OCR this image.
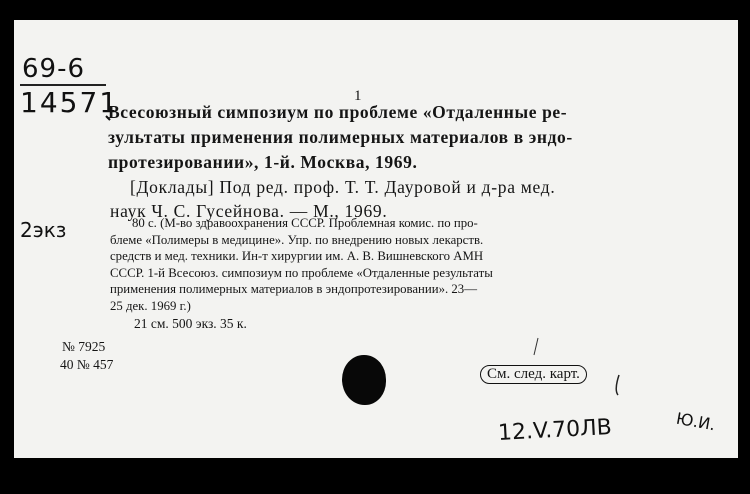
69-6
14571	1
Всесоюзный симпозиум по проблеме «Отдаленные ре-
зультаты применения полимерных материалов в эндо-
протезировании», 1-й. Москва, 1969.
[Доклады] Под ред. проф. Т. Т. Дауровой и д-ра мед.
наук Ч. С. Гусейнова. — М., 1969.
2экз	80 с. (М-во здравоохранения СССР. Проблемная комис. по про-
блеме «Полимеры в медицине». Упр. по внедрению новых лекарств.
средств и мед. техники. Ин-т хирургии им. А. В. Вишневского АМН
СССР. 1-й Всесоюз. симпозиум по проблеме «Отдаленные результаты
применения полимерных материалов в эндопротезировании». 23—
25 дек. 1969 г.)
21 см. 500 экз. 35 к.
№ 7925
40 № 457
См. след. карт.
12.V.70ЛВ	Ю.И.
